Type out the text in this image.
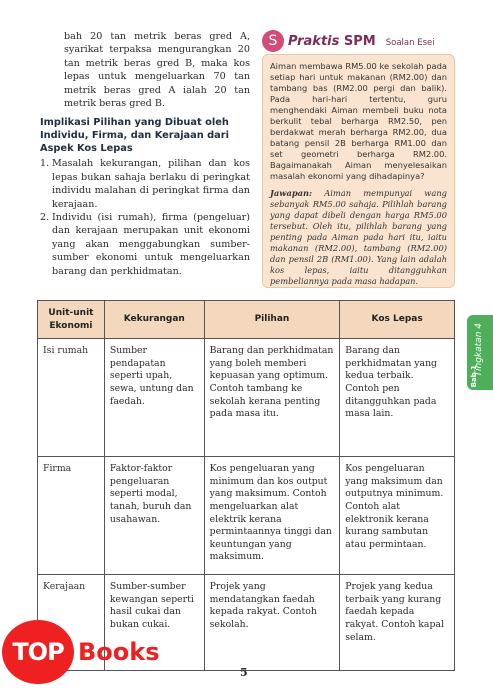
bah 20 tan metrik beras gred A, syarikat terpaksa mengurangkan 20 tan metrik beras gred B, maka kos lepas untuk mengeluarkan 70 tan metrik beras gred A ialah 20 tan metrik beras gred B.

Implikasi Pilihan yang Dibuat oleh Individu, Firma, dan Kerajaan dari Aspek Kos Lepas

1. Masalah kekurangan, pilihan dan kos lepas bukan sahaja berlaku di peringkat individu malahan di peringkat firma dan kerajaan.
2. Individu (isi rumah), firma (pengeluar) dan kerajaan merupakan unit ekonomi yang akan menggabungkan sumber-sumber ekonomi untuk mengeluarkan barang dan perkhidmatan.
S Praktis SPM Soalan Esei

Aiman membawa RM5.00 ke sekolah pada setiap hari untuk makanan (RM2.00) dan tambang bas (RM2.00 pergi dan balik). Pada hari-hari tertentu, guru menghendaki Aiman membeli buku nota berkulit tebal berharga RM2.50, pen berdakwat merah berharga RM2.00, dua batang pensil 2B berharga RM1.00 dan set geometri berharga RM2.00. Bagaimanakah Aiman menyelesaikan masalah ekonomi yang dihadapinya?

Jawapan: Aiman mempunyai wang sebanyak RM5.00 sahaja. Pilihlah barang yang dapat dibeli dengan harga RM5.00 tersebut. Oleh itu, pilihlah barang yang penting pada Aiman pada hari itu, iaitu makanan (RM2.00), tambang (RM2.00) dan pensil 2B (RM1.00). Yang lain adalah kos lepas, iaitu ditangguhkan pembeliannya pada masa hadapan.

Tingkatan 4
Bab 1
Unit-unit Ekonomi	Kekurangan	Pilihan	Kos Lepas
Isi rumah	Sumber pendapatan seperti upah, sewa, untung dan faedah.	Barang dan perkhidmatan yang boleh memberi kepuasan yang optimum. Contoh tambang ke sekolah kerana penting pada masa itu.	Barang dan perkhidmatan yang kedua terbaik. Contoh pen ditangguhkan pada masa lain.
Firma	Faktor-faktor pengeluaran seperti modal, tanah, buruh dan usahawan.	Kos pengeluaran yang minimum dan kos output yang maksimum. Contoh mengeluarkan alat elektrik kerana permintaannya tinggi dan keuntungan yang maksimum.	Kos pengeluaran yang maksimum dan outputnya minimum. Contoh alat elektronik kerana kurang sambutan atau permintaan.
Kerajaan	Sumber-sumber kewangan seperti hasil cukai dan bukan cukai.	Projek yang mendatangkan faedah kepada rakyat. Contoh sekolah.	Projek yang kedua terbaik yang kurang faedah kepada rakyat. Contoh kapal selam.
5
TOP Books
